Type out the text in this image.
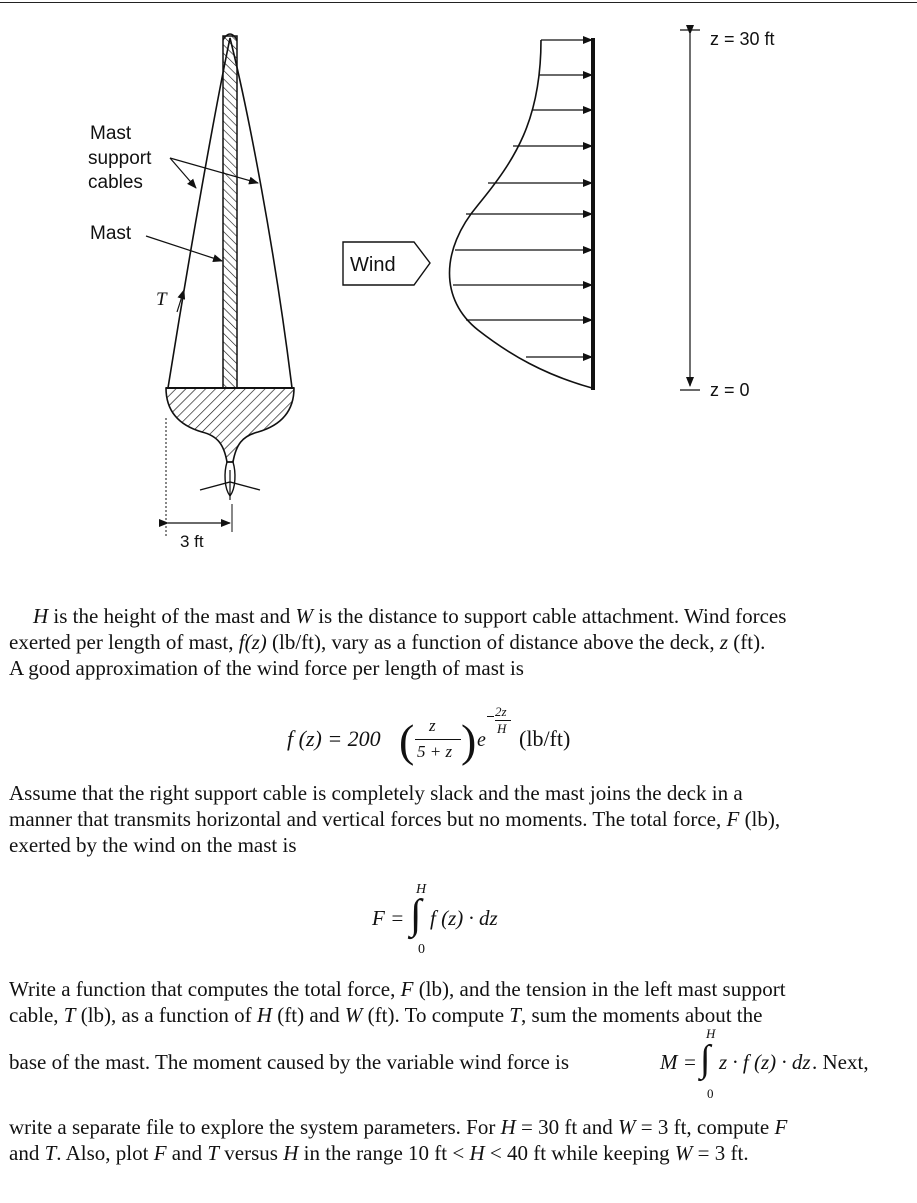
3 ft
Mast
support
cables
Mast
T
Wind
z = 30 ft
z = 0

H is the height of the mast and W is the distance to support cable attachment. Wind forces
exerted per length of mast, f(z) (lb/ft), vary as a function of distance above the deck, z (ft).
A good approximation of the wind force per length of mast is

f (z) = 200 ( z
5 + z ) e
2z
H (lb/ft)

Assume that the right support cable is completely slack and the mast joins the deck in a
manner that transmits horizontal and vertical forces but no moments. The total force, F (lb),
exerted by the wind on the mast is

F =
H
∫
0
f (z) · dz

Write a function that computes the total force, F (lb), and the tension in the left mast support
cable, T (lb), as a function of H (ft) and W (ft). To compute T, sum the moments about the

base of the mast. The moment caused by the variable wind force is	M =
H
∫
0
z · f (z) · dz . Next,

write a separate file to explore the system parameters. For H = 30 ft and W = 3 ft, compute F
and T. Also, plot F and T versus H in the range 10 ft < H < 40 ft while keeping W = 3 ft.
